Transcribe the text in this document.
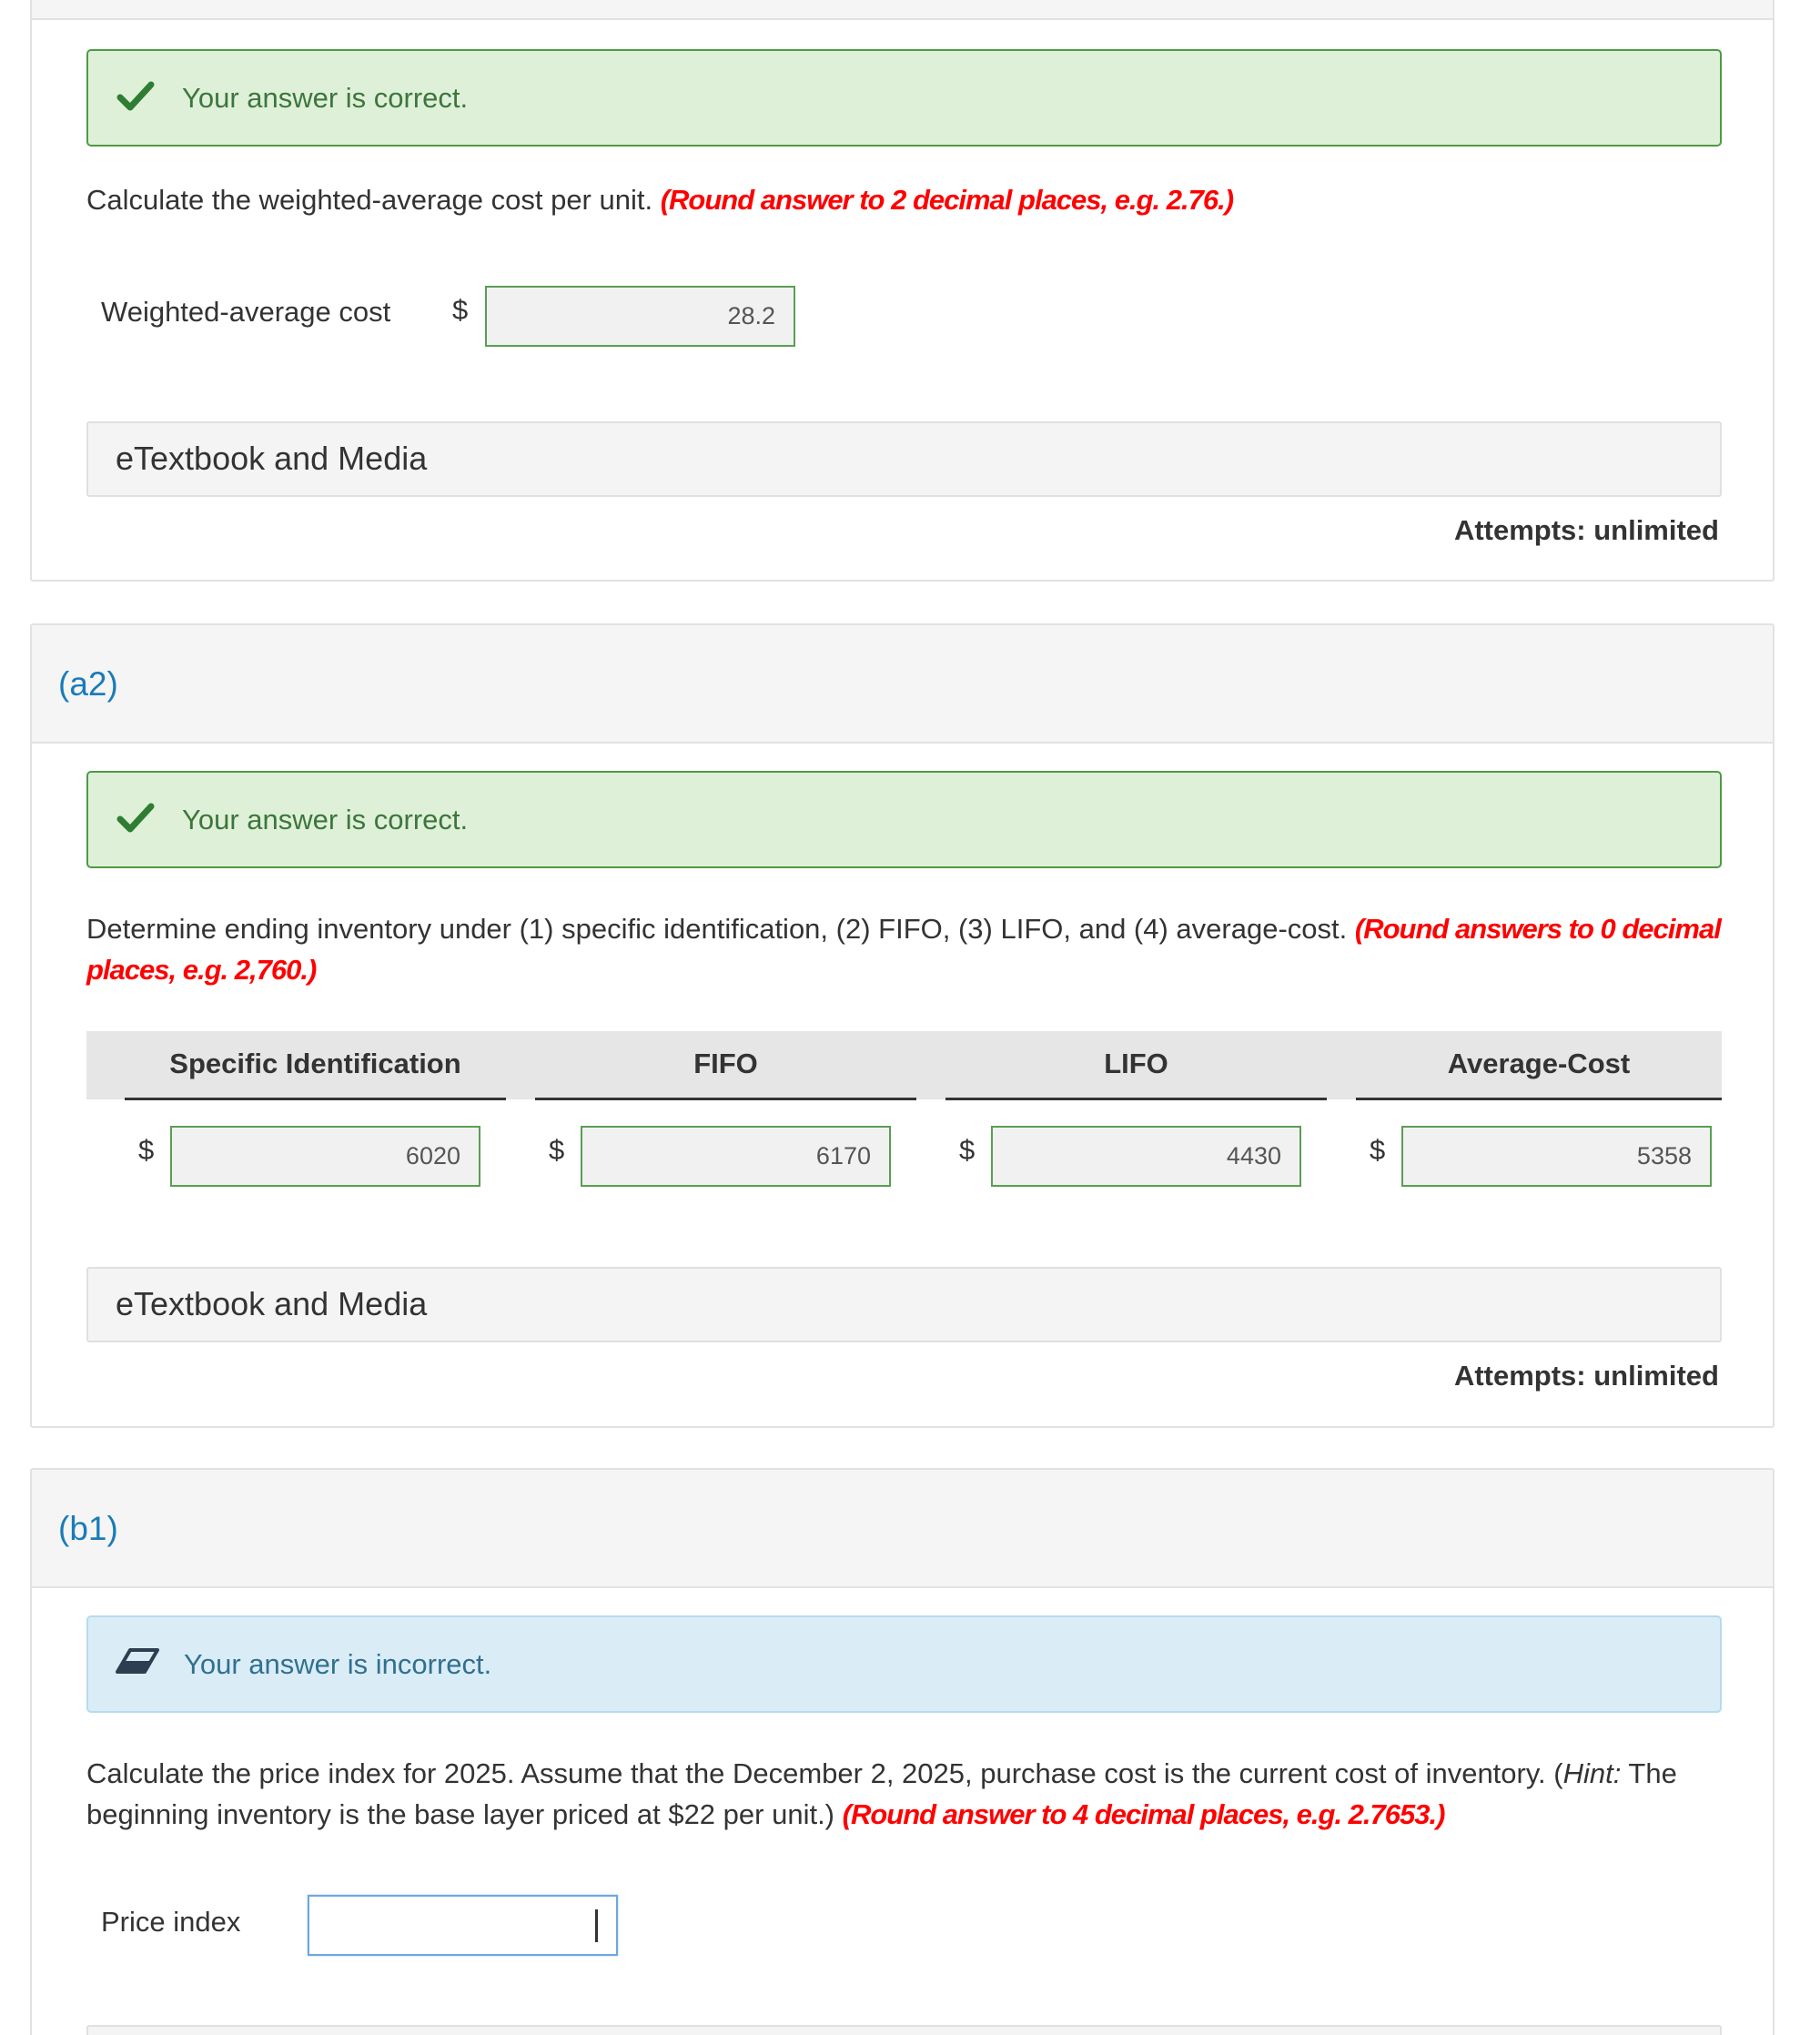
Your answer is correct.
Calculate the weighted-average cost per unit. (Round answer to 2 decimal places, e.g. 2.76.)
Weighted-average cost $	28.2
eTextbook and Media
Attempts: unlimited
(a2)
Your answer is correct.
Determine ending inventory under (1) specific identification, (2) FIFO, (3) LIFO, and (4) average-cost. (Round answers to 0 decimal places, e.g. 2,760.)
Specific Identification	FIFO	LIFO	Average-Cost
$	6020	$	6170	$	4430	$	5358
eTextbook and Media
Attempts: unlimited
(b1)
Your answer is incorrect.
Calculate the price index for 2025. Assume that the December 2, 2025, purchase cost is the current cost of inventory. (Hint: The beginning inventory is the base layer priced at $22 per unit.) (Round answer to 4 decimal places, e.g. 2.7653.)
Price index
